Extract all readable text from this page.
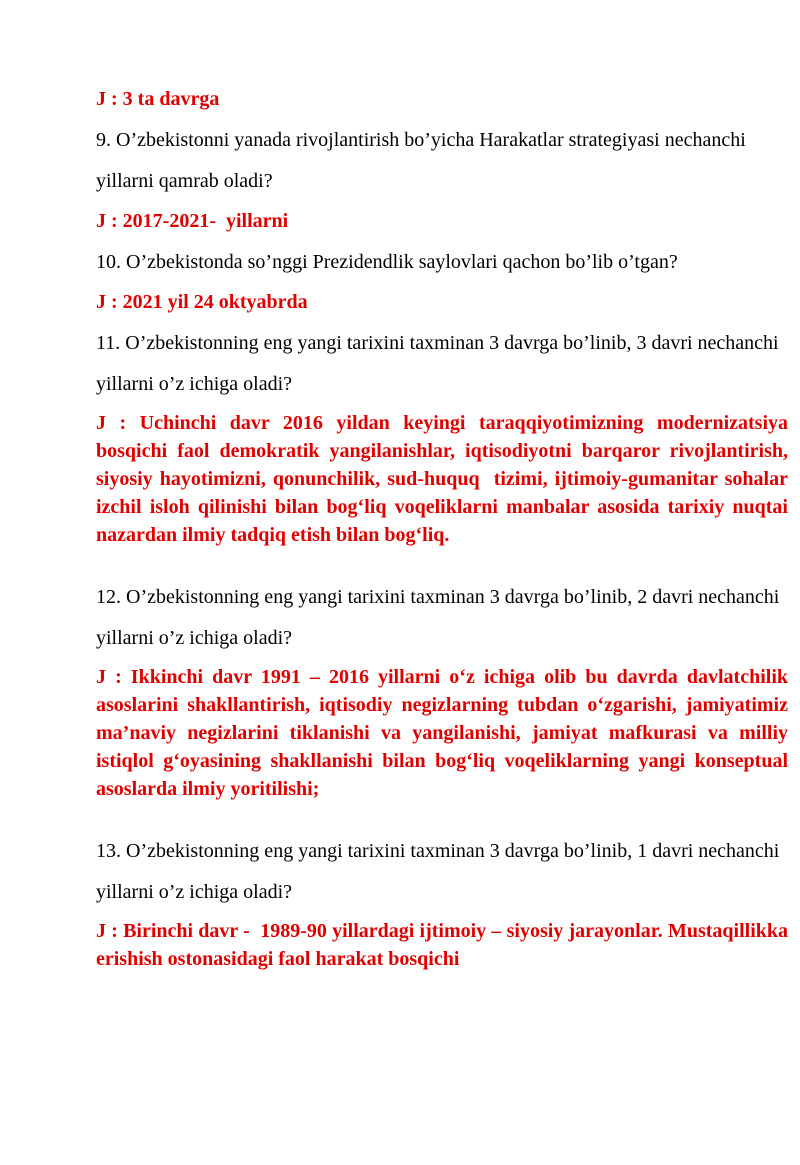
J : 3 ta davrga

9. O’zbekistonni yanada rivojlantirish bo’yicha Harakatlar strategiyasi nechanchi yillarni qamrab oladi?

J : 2017-2021-  yillarni

10. O’zbekistonda so’nggi Prezidendlik saylovlari qachon bo’lib o’tgan?

J : 2021 yil 24 oktyabrda

11. O’zbekistonning eng yangi tarixini taxminan 3 davrga bo’linib, 3 davri nechanchi yillarni o’z ichiga oladi?

J : Uchinchi davr 2016 yildan keyingi taraqqiyotimizning modernizatsiya bosqichi faol demokratik yangilanishlar, iqtisodiyotni barqaror rivojlantirish, siyosiy hayotimizni, qonunchilik, sud-huquq  tizimi, ijtimoiy-gumanitar sohalar izchil isloh qilinishi bilan bog‘liq voqeliklarni manbalar asosida tarixiy nuqtai nazardan ilmiy tadqiq etish bilan bog‘liq.

12. O’zbekistonning eng yangi tarixini taxminan 3 davrga bo’linib, 2 davri nechanchi yillarni o’z ichiga oladi?

J : Ikkinchi davr 1991 – 2016 yillarni o‘z ichiga olib bu davrda davlatchilik asoslarini shakllantirish, iqtisodiy negizlarning tubdan o‘zgarishi, jamiyatimiz ma’naviy negizlarini tiklanishi va yangilanishi, jamiyat mafkurasi va milliy istiqlol g‘oyasining shakllanishi bilan bog‘liq voqeliklarning yangi konseptual asoslarda ilmiy yoritilishi;

13. O’zbekistonning eng yangi tarixini taxminan 3 davrga bo’linib, 1 davri nechanchi yillarni o’z ichiga oladi?

J : Birinchi davr -  1989-90 yillardagi ijtimoiy – siyosiy jarayonlar. Mustaqillikka erishish ostonasidagi faol harakat bosqichi
